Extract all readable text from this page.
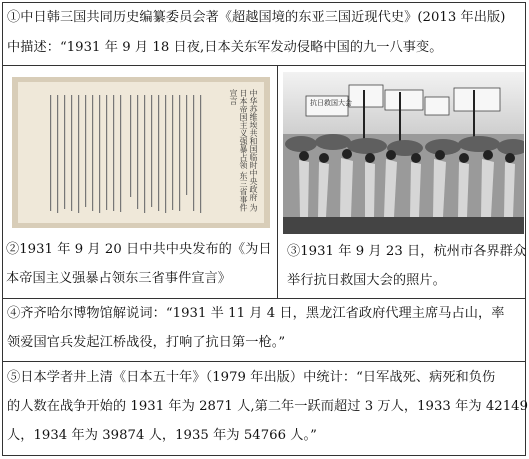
①中日韩三国共同历史编纂委员会著《超越国境的东亚三国近现代史》(2013 年出版)
中描述：“1931 年 9 月 18 日夜,日本关东军发动侵略中国的九一八事变。
中华苏维埃共和国临时中央政府 为日本帝国主义强暴占领 东三省事件宣言
②1931 年 9 月 20 日中共中央发布的《为日
本帝国主义强暴占领东三省事件宣言》
抗日救国大会
③1931 年 9 月 23 日，杭州市各界群众
举行抗日救国大会的照片。
④齐齐哈尔博物馆解说词：“1931 半 11 月 4 日，黑龙江省政府代理主席马占山，率
领爱国官兵发起江桥战役，打响了抗日第一枪。”
⑤日本学者井上清《日本五十年》（1979 年出版）中统计：“日军战死、病死和负伤
的人数在战争开始的 1931 年为 2871 人,第二年一跃而超过 3 万人，1933 年为 42149
人，1934 年为 39874 人，1935 年为 54766 人。”
